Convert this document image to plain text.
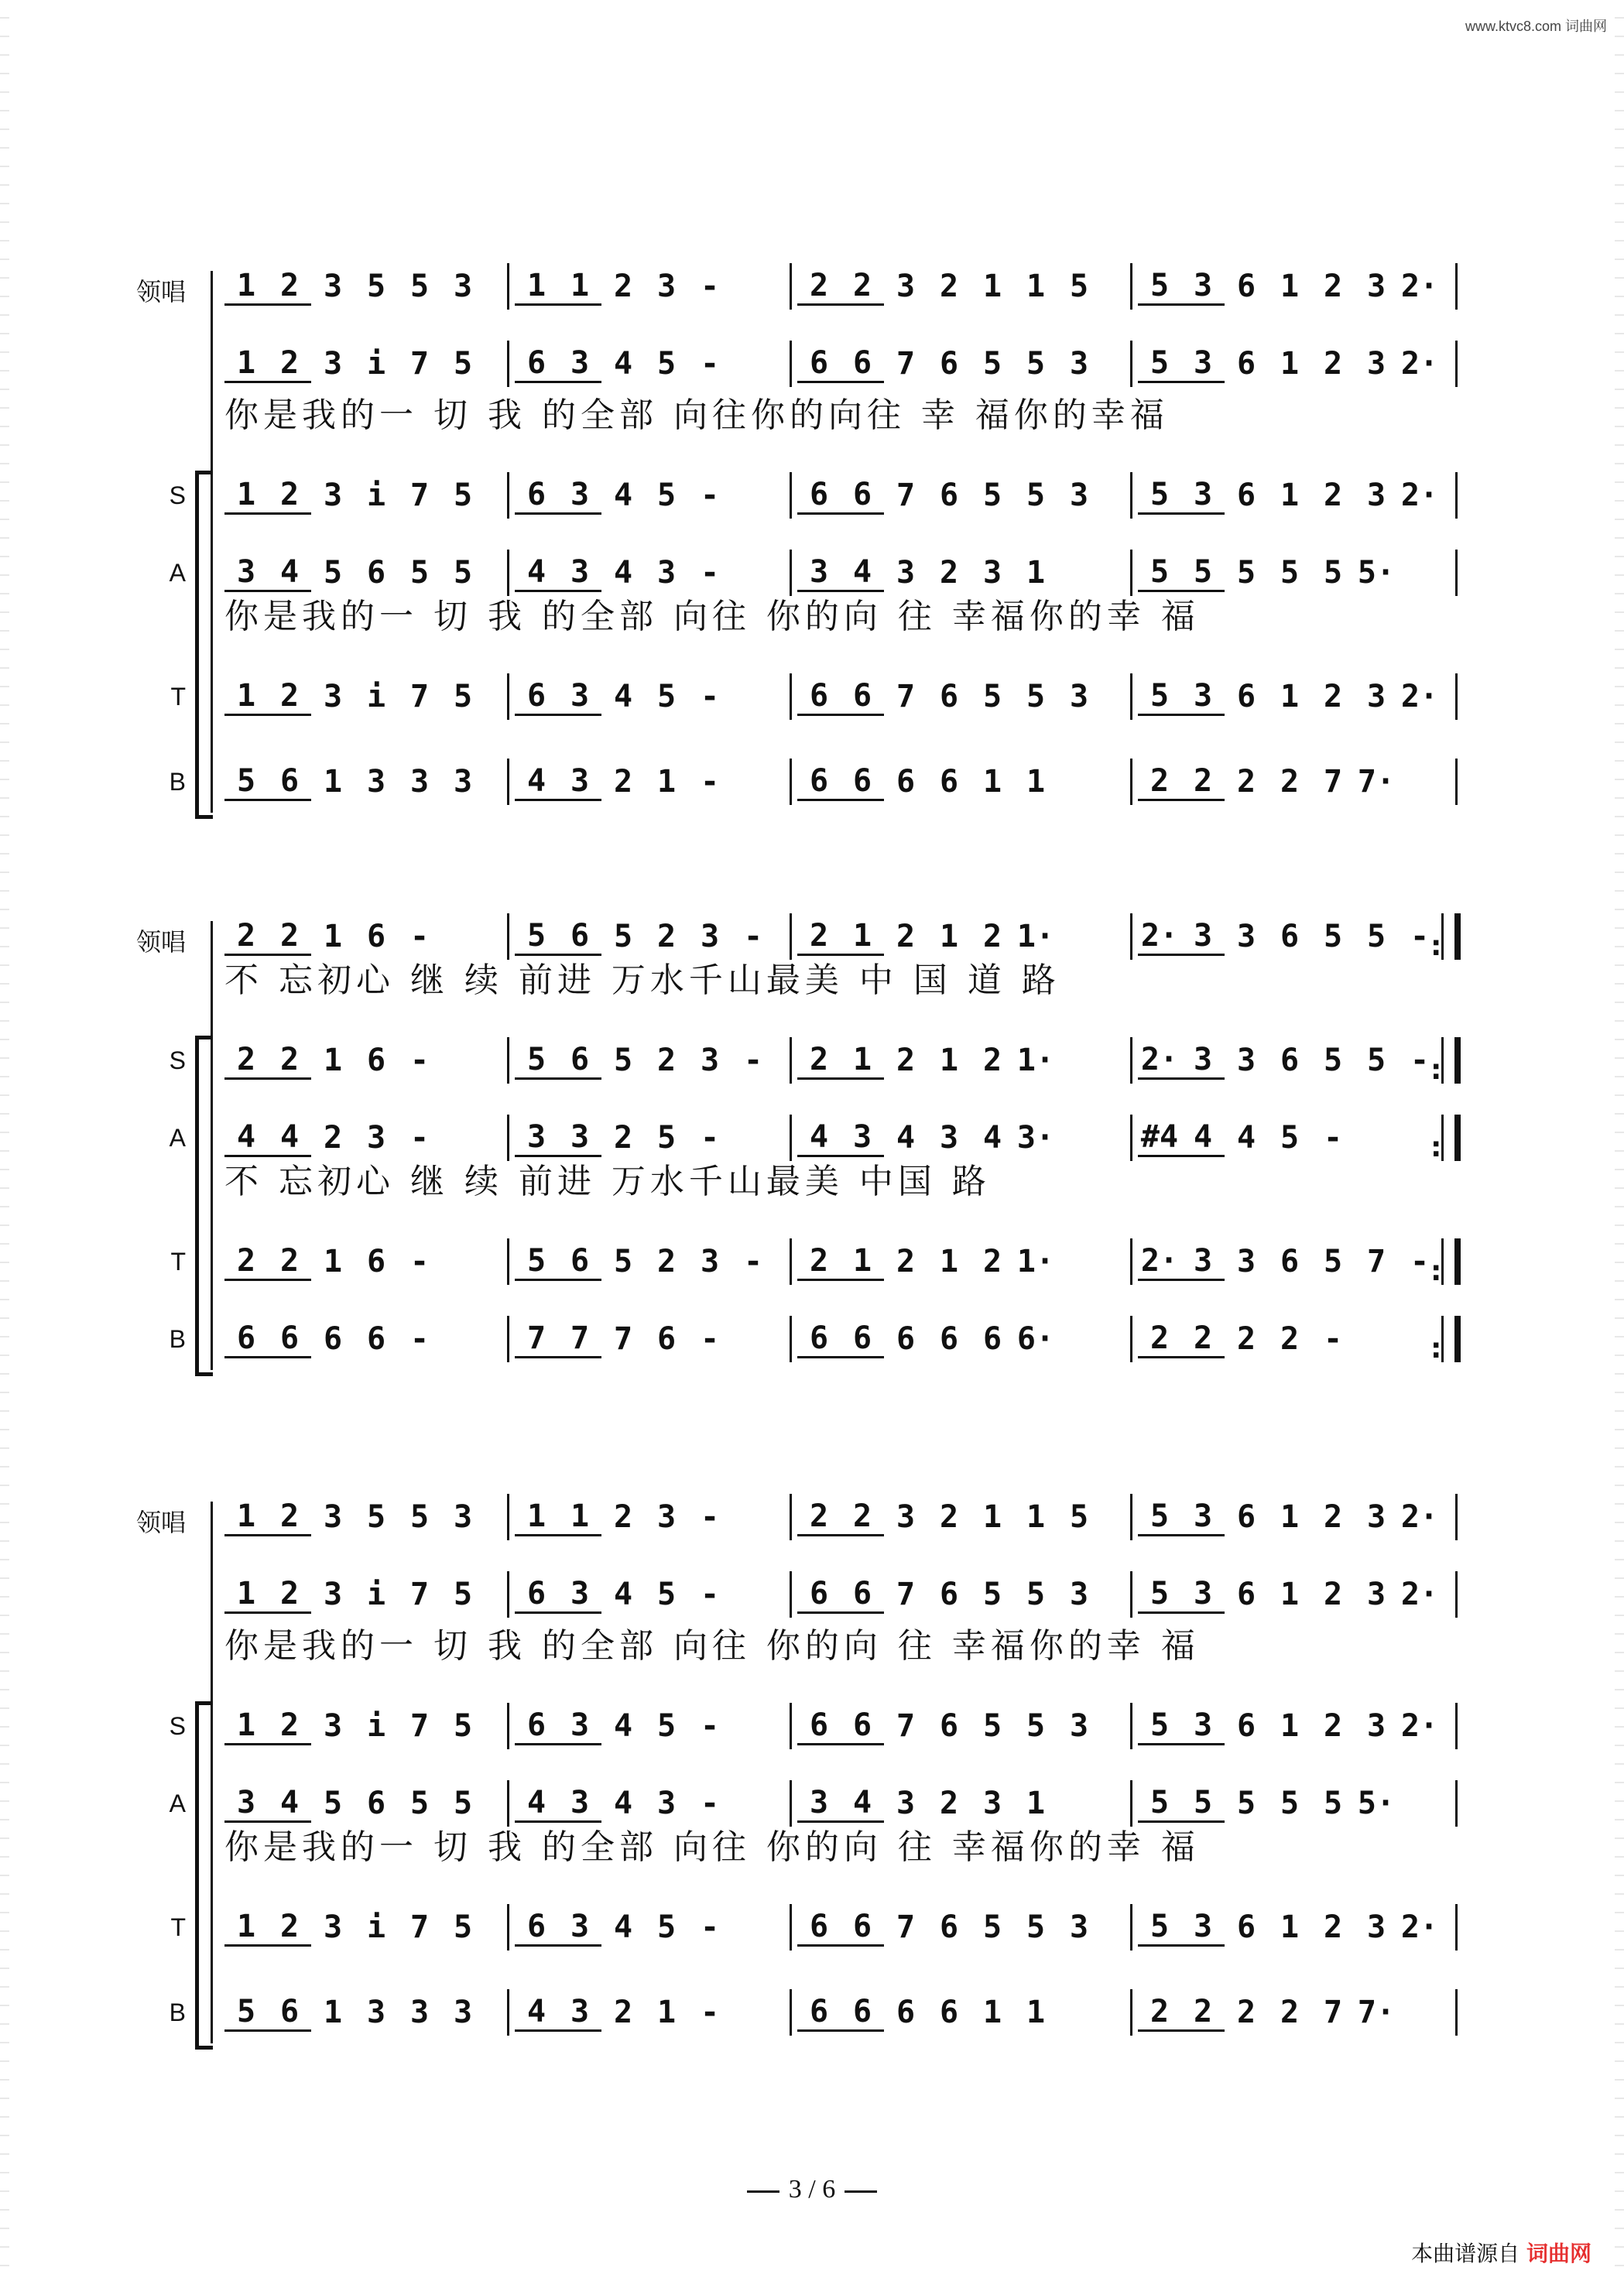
www.ktvc8.com 词曲网
领唱	1 2 3 5 5 3	1 1 2 3 -	2 2 3 2 1 1 5	5 3 6 1 2 3 2·
1 2 3 i 7 5	6 3 4 5 -	6 6 7 6 5 5 3	5 3 6 1 2 3 2·
你是我的一 切 我 的全部 向往你的向往 幸 福你的幸福
S	1 2 3 i 7 5	6 3 4 5 -	6 6 7 6 5 5 3	5 3 6 1 2 3 2·
A	3 4 5 6 5 5	4 3 4 3 -	3 4 3 2 3 1	5 5 5 5 5 5·
你是我的一 切 我 的全部 向往 你的向 往 幸福你的幸 福
T	1 2 3 i 7 5	6 3 4 5 -	6 6 7 6 5 5 3	5 3 6 1 2 3 2·
B	5 6 1 3 3 3	4 3 2 1 -	6 6 6 6 1 1	2 2 2 2 7 7·
领唱	2 2 1 6 -	5 6 5 2 3 -	2 1 2 1 2 1·	2· 3 3 6 5 5 - :
不 忘初心 继 续 前进 万水千山最美 中 国 道 路
S	2 2 1 6 -	5 6 5 2 3 -	2 1 2 1 2 1·	2· 3 3 6 5 5 - :
A	4 4 2 3 -	3 3 2 5 -	4 3 4 3 4 3·	#4 4 4 5 -	:
不 忘初心 继 续 前进 万水千山最美 中国 路
T	2 2 1 6 -	5 6 5 2 3 -	2 1 2 1 2 1·	2· 3 3 6 5 7 - :
B	6 6 6 6 -	7 7 7 6 -	6 6 6 6 6 6·	2 2 2 2 -	:
领唱	1 2 3 5 5 3	1 1 2 3 -	2 2 3 2 1 1 5	5 3 6 1 2 3 2·
1 2 3 i 7 5	6 3 4 5 -	6 6 7 6 5 5 3	5 3 6 1 2 3 2·
你是我的一 切 我 的全部 向往 你的向 往 幸福你的幸 福
S	1 2 3 i 7 5	6 3 4 5 -	6 6 7 6 5 5 3	5 3 6 1 2 3 2·
A	3 4 5 6 5 5	4 3 4 3 -	3 4 3 2 3 1	5 5 5 5 5 5·
你是我的一 切 我 的全部 向往 你的向 往 幸福你的幸 福
T	1 2 3 i 7 5	6 3 4 5 -	6 6 7 6 5 5 3	5 3 6 1 2 3 2·
B	5 6 1 3 3 3	4 3 2 1 -	6 6 6 6 1 1	2 2 2 2 7 7·
3 / 6
本曲谱源自 词曲网
